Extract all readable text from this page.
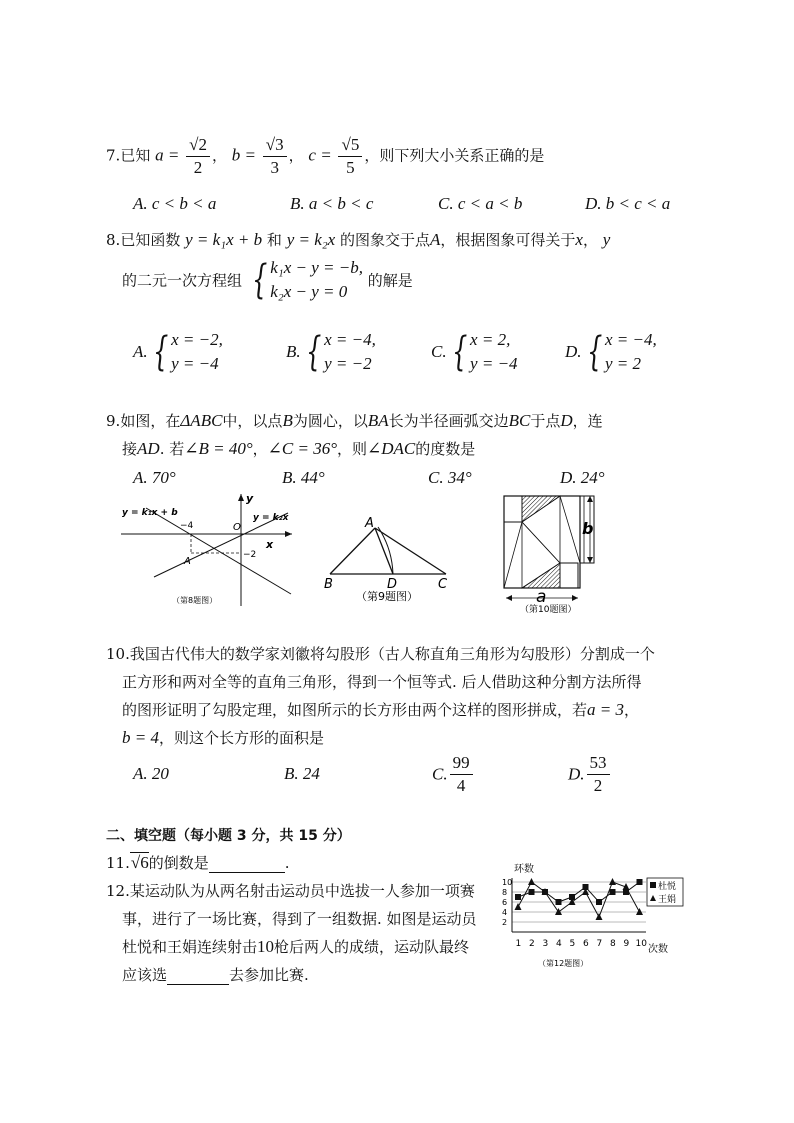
7.已知 $a = \frac{√2}{2}$ ， $b = \frac{√3}{3}$ ， $c = \frac{√5}{5}$ ，则下列大小关系正确的是
A. c < b < a	B. a < b < c	C. c < a < b	D. b < c < a
8.已知函数 y = k₁x + b 和 y = k₂x 的图象交于点A，根据图象可得关于x， y
的二元一次方程组 { k₁x − y = −b,
k₂x − y = 0
的解是
A. { x = −2,
y = −4
B. { x = −4,
y = −2
C. { x = 2,
y = −4
D. { x = −4,
y = 2
9.如图，在ΔABC中，以点B为圆心，以BA长为半径画弧交边BC于点D，连
接AD. 若∠B = 40°，∠C = 36°，则∠DAC的度数是
A. 70°	B. 44°	C. 34°	D. 24°
y = k₁x + b	y = k₂x
y
x
O
−4
−2
A
（第8题图）
A
B	D	C
（第9题图）	a
b
（第10题图）
10.我国古代伟大的数学家刘徽将勾股形（古人称直角三角形为勾股形）分割成一个
正方形和两对全等的直角三角形，得到一个恒等式. 后人借助这种分割方法所得
的图形证明了勾股定理，如图所示的长方形由两个这样的图形拼成，若a = 3，
b = 4，则这个长方形的面积是
A. 20	B. 24	C. $\frac{99}{4}$	D. $\frac{53}{2}$
二、填空题（每小题 3 分，共 15 分）
11.√6的倒数是	.
12.某运动队为从两名射击运动员中选拔一人参加一项赛
事，进行了一场比赛，得到了一组数据. 如图是运动员
杜悦和王娟连续射击10枪后两人的成绩，运动队最终
应该选	去参加比赛.
2
4
6
8
10
1 2 3 4 5 6 7 8 9 10
环数
次数
杜悦
王娟
（第12题图）
